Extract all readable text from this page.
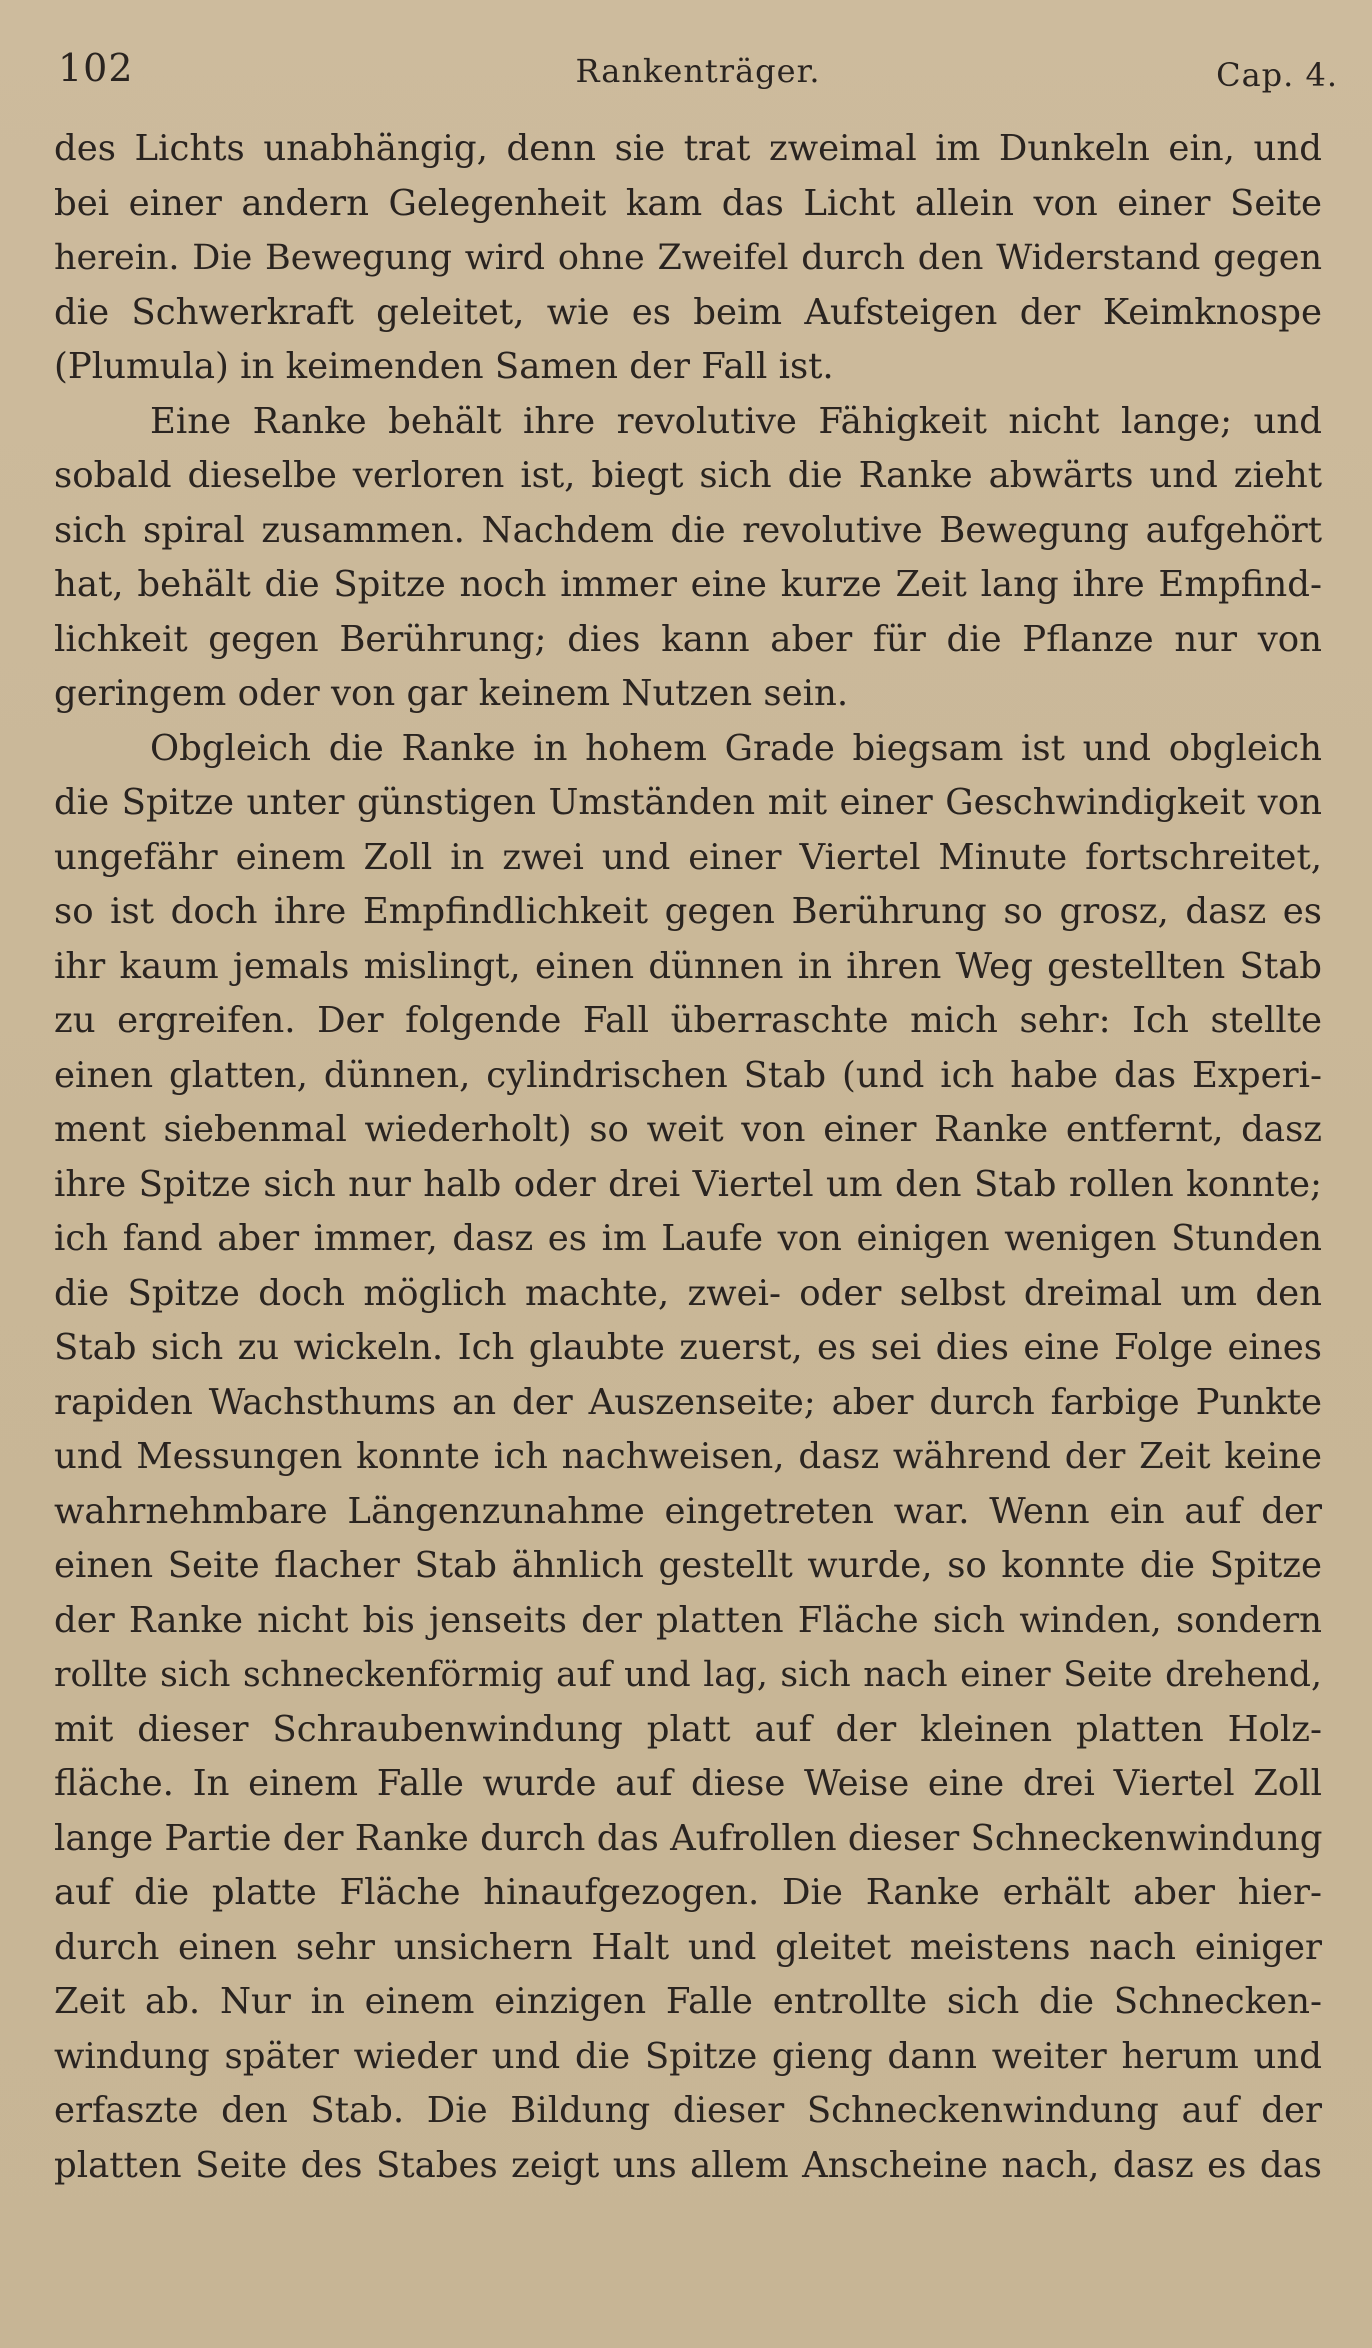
102	Rankenträger.	Cap. 4.
des Lichts unabhängig, denn sie trat zweimal im Dunkeln ein, und
bei einer andern Gelegenheit kam das Licht allein von einer Seite
herein. Die Bewegung wird ohne Zweifel durch den Widerstand gegen
die Schwerkraft geleitet, wie es beim Aufsteigen der Keimknospe
(Plumula) in keimenden Samen der Fall ist.
Eine Ranke behält ihre revolutive Fähigkeit nicht lange; und
sobald dieselbe verloren ist, biegt sich die Ranke abwärts und zieht
sich spiral zusammen. Nachdem die revolutive Bewegung aufgehört
hat, behält die Spitze noch immer eine kurze Zeit lang ihre Empfind-
lichkeit gegen Berührung; dies kann aber für die Pflanze nur von
geringem oder von gar keinem Nutzen sein.
Obgleich die Ranke in hohem Grade biegsam ist und obgleich
die Spitze unter günstigen Umständen mit einer Geschwindigkeit von
ungefähr einem Zoll in zwei und einer Viertel Minute fortschreitet,
so ist doch ihre Empfindlichkeit gegen Berührung so grosz, dasz es
ihr kaum jemals mislingt, einen dünnen in ihren Weg gestellten Stab
zu ergreifen. Der folgende Fall überraschte mich sehr: Ich stellte
einen glatten, dünnen, cylindrischen Stab (und ich habe das Experi-
ment siebenmal wiederholt) so weit von einer Ranke entfernt, dasz
ihre Spitze sich nur halb oder drei Viertel um den Stab rollen konnte;
ich fand aber immer, dasz es im Laufe von einigen wenigen Stunden
die Spitze doch möglich machte, zwei- oder selbst dreimal um den
Stab sich zu wickeln. Ich glaubte zuerst, es sei dies eine Folge eines
rapiden Wachsthums an der Auszenseite; aber durch farbige Punkte
und Messungen konnte ich nachweisen, dasz während der Zeit keine
wahrnehmbare Längenzunahme eingetreten war. Wenn ein auf der
einen Seite flacher Stab ähnlich gestellt wurde, so konnte die Spitze
der Ranke nicht bis jenseits der platten Fläche sich winden, sondern
rollte sich schneckenförmig auf und lag, sich nach einer Seite drehend,
mit dieser Schraubenwindung platt auf der kleinen platten Holz-
fläche. In einem Falle wurde auf diese Weise eine drei Viertel Zoll
lange Partie der Ranke durch das Aufrollen dieser Schneckenwindung
auf die platte Fläche hinaufgezogen. Die Ranke erhält aber hier-
durch einen sehr unsichern Halt und gleitet meistens nach einiger
Zeit ab. Nur in einem einzigen Falle entrollte sich die Schnecken-
windung später wieder und die Spitze gieng dann weiter herum und
erfaszte den Stab. Die Bildung dieser Schneckenwindung auf der
platten Seite des Stabes zeigt uns allem Anscheine nach, dasz es das
